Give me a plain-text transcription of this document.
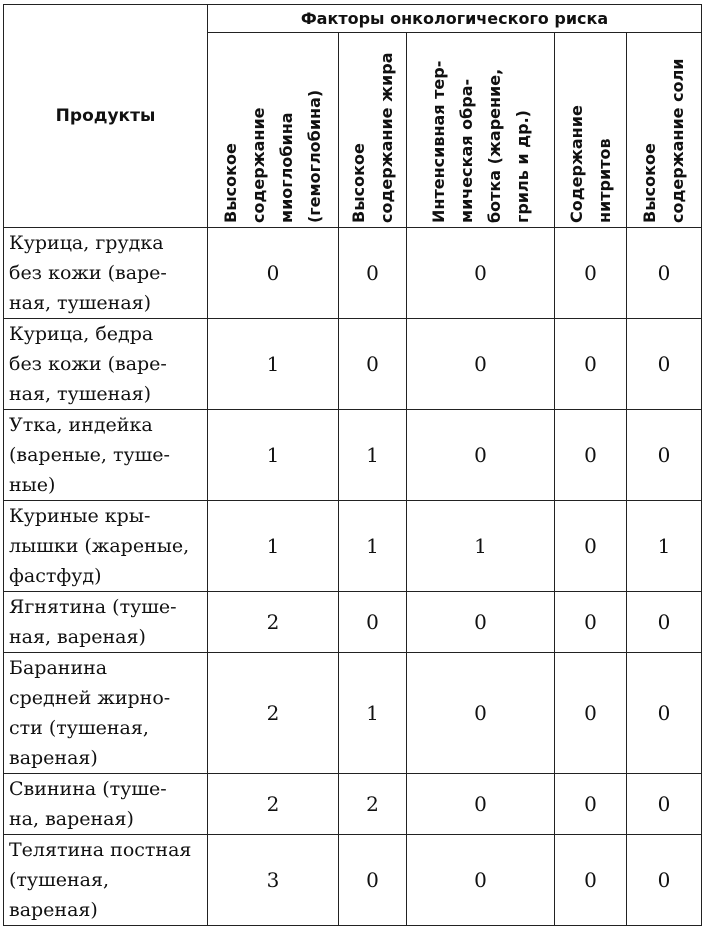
Продукты	Факторы онкологического риска				

	Высокое
содержание
миоглобина
(гемоглобина)	Высокое
содержание жира	Интенсивная тер-
мическая обра-
ботка (жарение,
гриль и др.)	Содержание
нитритов	Высокое
содержание соли

Курица, грудка
без кожи (варе-
ная, тушеная)	0	0	0	0	0
Курица, бедра
без кожи (варе-
ная, тушеная)	1	0	0	0	0
Утка, индейка
(вареные, туше-
ные)	1	1	0	0	0
Куриные кры-
лышки (жареные,
фастфуд)	1	1	1	0	1
Ягнятина (туше-
ная, вареная)	2	0	0	0	0
Баранина
средней жирно-
сти (тушеная,
вареная)	2	1	0	0	0
Свинина (туше-
на, вареная)	2	2	0	0	0
Телятина постная
(тушеная,
вареная)	3	0	0	0	0
